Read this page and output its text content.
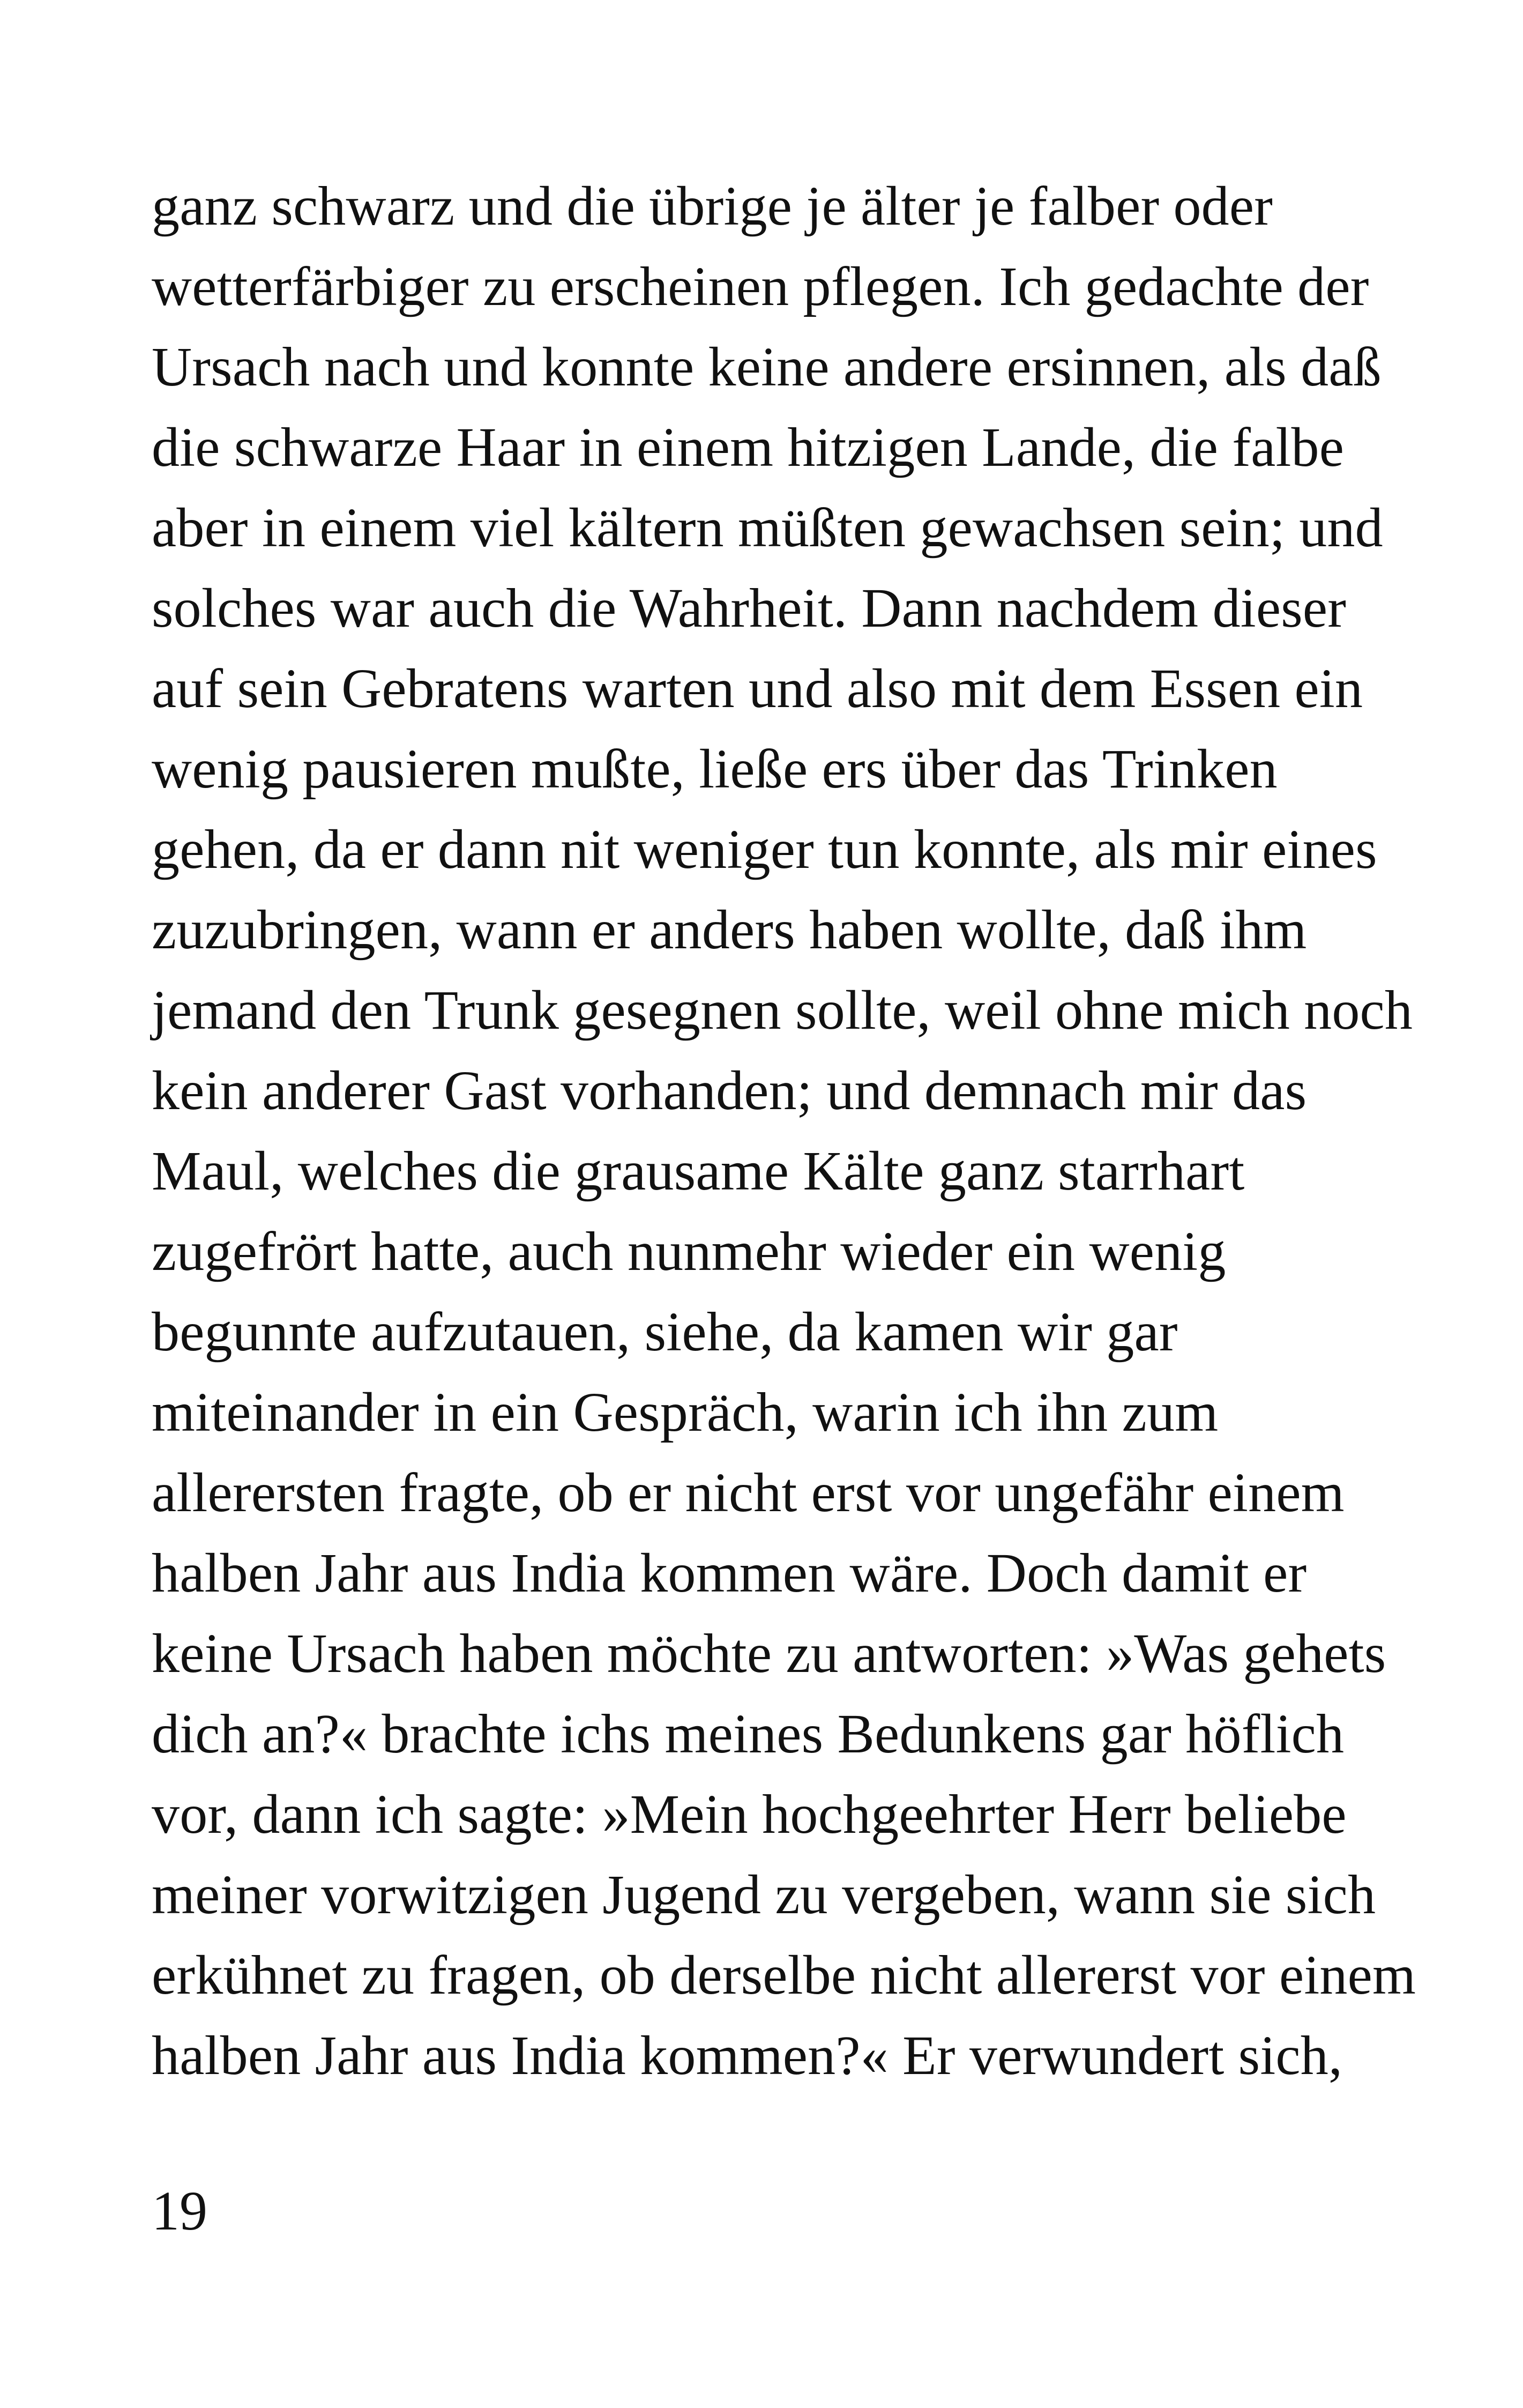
ganz schwarz und die übrige je älter je falber oder
wetterfärbiger zu erscheinen pflegen. Ich gedachte der
Ursach nach und konnte keine andere ersinnen, als daß
die schwarze Haar in einem hitzigen Lande, die falbe
aber in einem viel kältern müßten gewachsen sein; und
solches war auch die Wahrheit. Dann nachdem dieser
auf sein Gebratens warten und also mit dem Essen ein
wenig pausieren mußte, ließe ers über das Trinken
gehen, da er dann nit weniger tun konnte, als mir eines
zuzubringen, wann er anders haben wollte, daß ihm
jemand den Trunk gesegnen sollte, weil ohne mich noch
kein anderer Gast vorhanden; und demnach mir das
Maul, welches die grausame Kälte ganz starrhart
zugefrört hatte, auch nunmehr wieder ein wenig
begunnte aufzutauen, siehe, da kamen wir gar
miteinander in ein Gespräch, warin ich ihn zum
allerersten fragte, ob er nicht erst vor ungefähr einem
halben Jahr aus India kommen wäre. Doch damit er
keine Ursach haben möchte zu antworten: »Was gehets
dich an?« brachte ichs meines Bedunkens gar höflich
vor, dann ich sagte: »Mein hochgeehrter Herr beliebe
meiner vorwitzigen Jugend zu vergeben, wann sie sich
erkühnet zu fragen, ob derselbe nicht allererst vor einem
halben Jahr aus India kommen?« Er verwundert sich,
19
